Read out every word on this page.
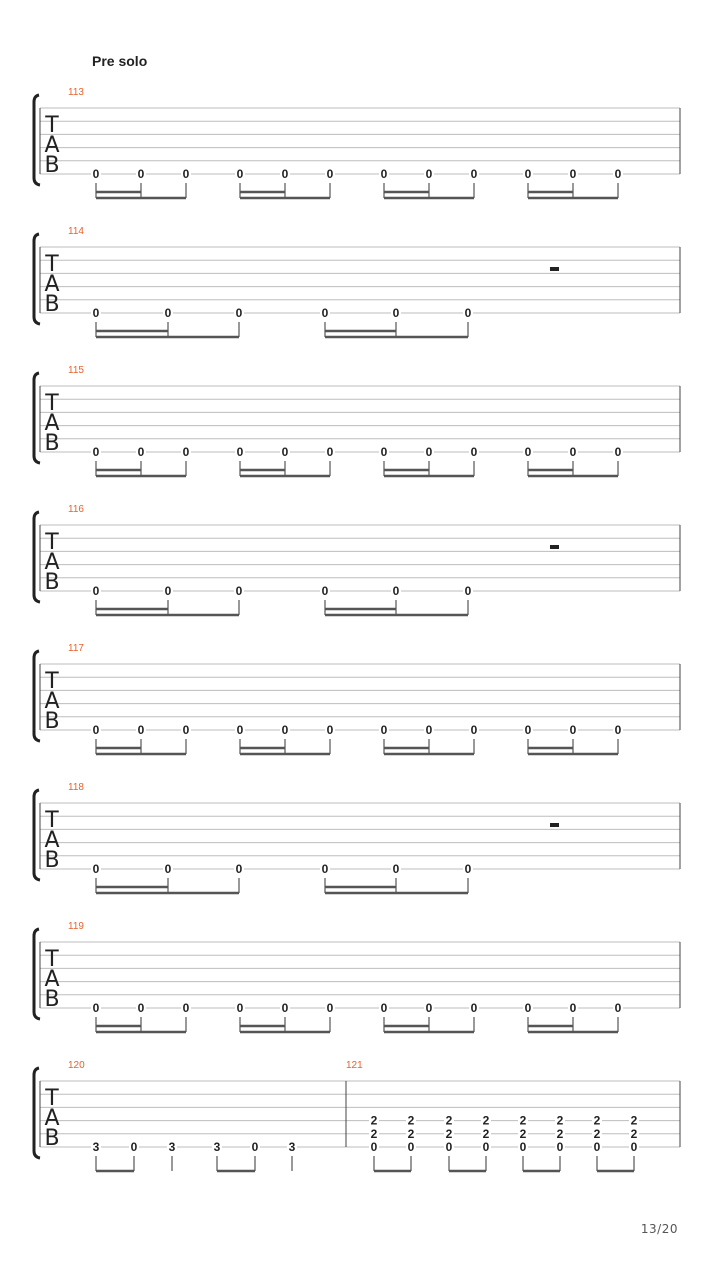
Pre solo
T
A
B
113
0	0	0	0	0	0	0	0	0	0	0	0
T
A
B
114
0	0	0	0	0	0
T
A
B
115
0	0	0	0	0	0	0	0	0	0	0	0
T
A
B
116
0	0	0	0	0	0
T
A
B
117
0	0	0	0	0	0	0	0	0	0	0	0
T
A
B
118
0	0	0	0	0	0
T
A
B
119
0	0	0	0	0	0	0	0	0	0	0	0
T
A
B
120
3	0	3	3	0	3
121
2
2
0
2
2
0
2
2
0
2
2
0
2
2
0
2
2
0
2
2
0
2
2
0
13/20
